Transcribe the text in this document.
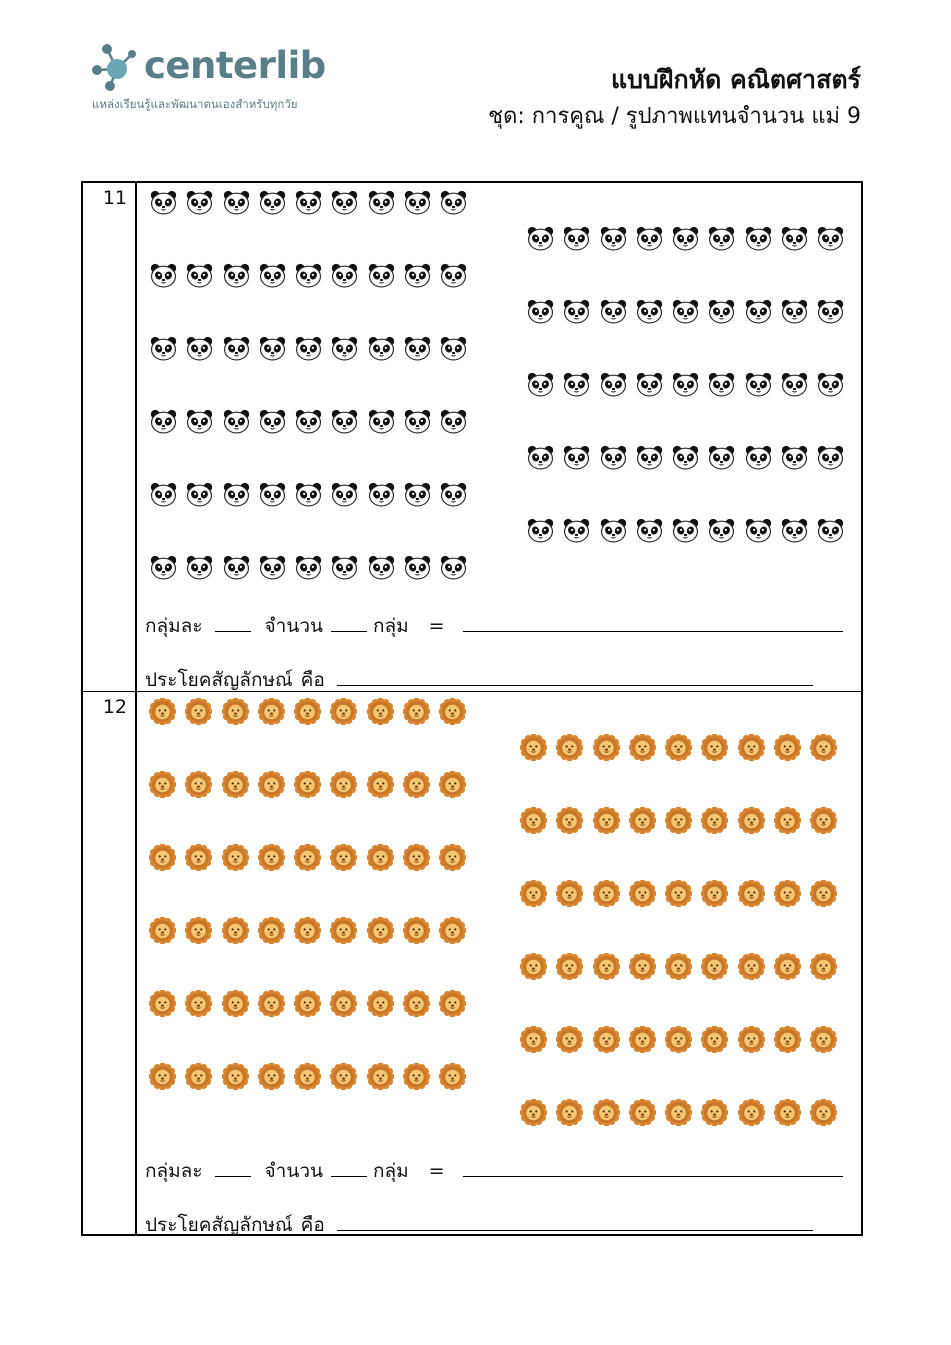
centerlib
แหล่งเรียนรู้และพัฒนาตนเองสำหรับทุกวัย
แบบฝึกหัด คณิตศาสตร์
ชุด: การคูณ / รูปภาพแทนจำนวน แม่ 9
11
กลุ่มละ	จำนวน	กลุ่ม =
ประโยคสัญลักษณ์ คือ
12
กลุ่มละ	จำนวน	กลุ่ม =
ประโยคสัญลักษณ์ คือ
